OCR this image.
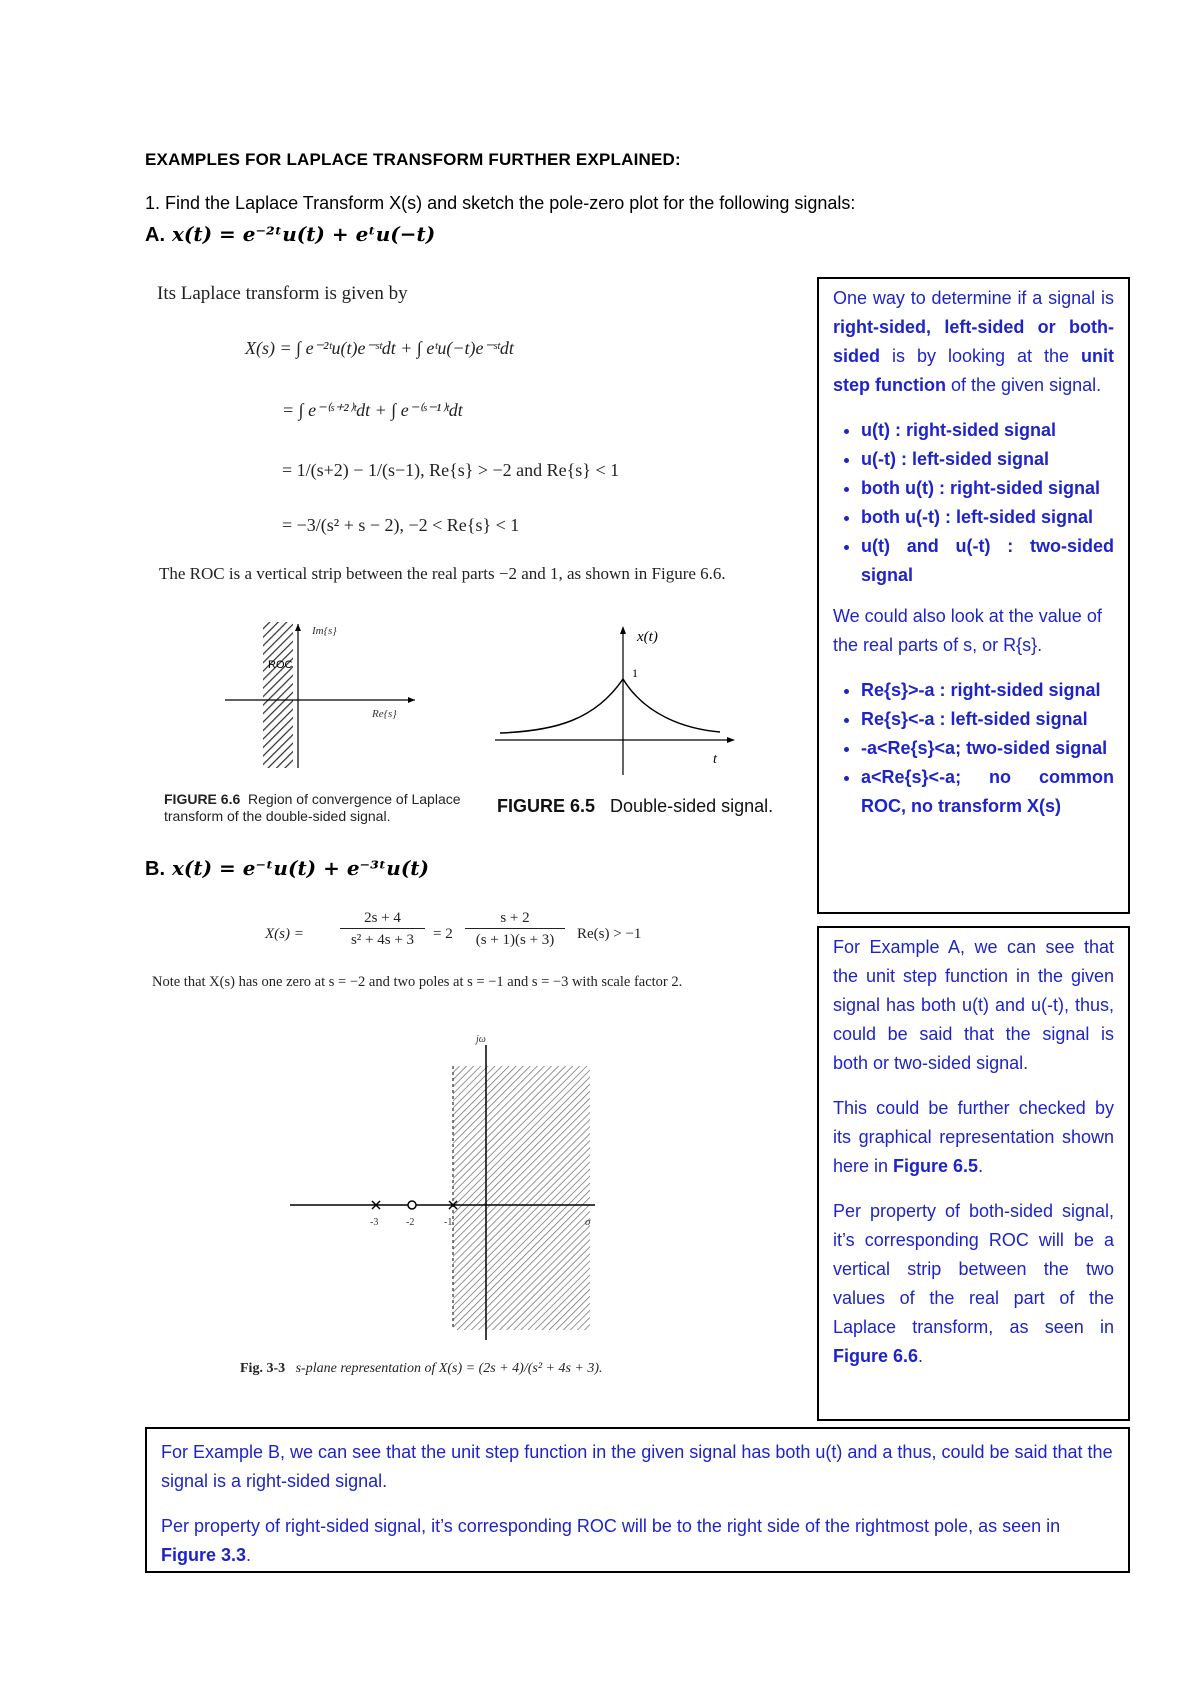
EXAMPLES FOR LAPLACE TRANSFORM FURTHER EXPLAINED:
1. Find the Laplace Transform X(s) and sketch the pole-zero plot for the following signals:
A. x(t) = e⁻²ᵗu(t) + eᵗu(−t)
Its Laplace transform is given by
X(s) = ∫ e⁻²ᵗu(t)e⁻ˢᵗdt + ∫ eᵗu(−t)e⁻ˢᵗdt
= ∫ e⁻⁽ˢ⁺²⁾ᵗdt + ∫ e⁻⁽ˢ⁻¹⁾ᵗdt
= 1/(s+2) − 1/(s−1), Re{s} > −2 and Re{s} < 1
= −3/(s² + s − 2), −2 < Re{s} < 1
The ROC is a vertical strip between the real parts −2 and 1, as shown in Figure 6.6.
ROC
Im{s}
Re{s}
FIGURE 6.6 Region of convergence of Laplace transform of the double-sided signal.
x(t)
1
t
FIGURE 6.5 Double-sided signal.
B. x(t) = e⁻ᵗu(t) + e⁻³ᵗu(t)
X(s) =
2s + 4
s² + 4s + 3	= 2
s + 2
(s + 1)(s + 3)	Re(s) > −1
Note that X(s) has one zero at s = −2 and two poles at s = −1 and s = −3 with scale factor 2.
jω
σ
-3	-2	-1
Fig. 3-3 s-plane representation of X(s) = (2s + 4)/(s² + 4s + 3).

One way to determine if a signal is right-sided, left-sided or both-sided is by looking at the unit step function of the given signal.

• u(t) : right-sided signal
• u(-t) : left-sided signal
• both u(t) : right-sided signal
• both u(-t) : left-sided signal
• u(t) and u(-t) : two-sided signal

We could also look at the value of the real parts of s, or R{s}.

• Re{s}>-a : right-sided signal
• Re{s}<-a : left-sided signal
• -a<Re{s}<a; two-sided signal
• a<Re{s}<-a; no common ROC, no transform X(s)

For Example A, we can see that the unit step function in the given signal has both u(t) and u(-t), thus, could be said that the signal is both or two-sided signal.

This could be further checked by its graphical representation shown here in Figure 6.5.

Per property of both-sided signal, it’s corresponding ROC will be a vertical strip between the two values of the real part of the Laplace transform, as seen in Figure 6.6.

For Example B, we can see that the unit step function in the given signal has both u(t) and a thus, could be said that the signal is a right-sided signal.

Per property of right-sided signal, it’s corresponding ROC will be to the right side of the rightmost pole, as seen in Figure 3.3.
